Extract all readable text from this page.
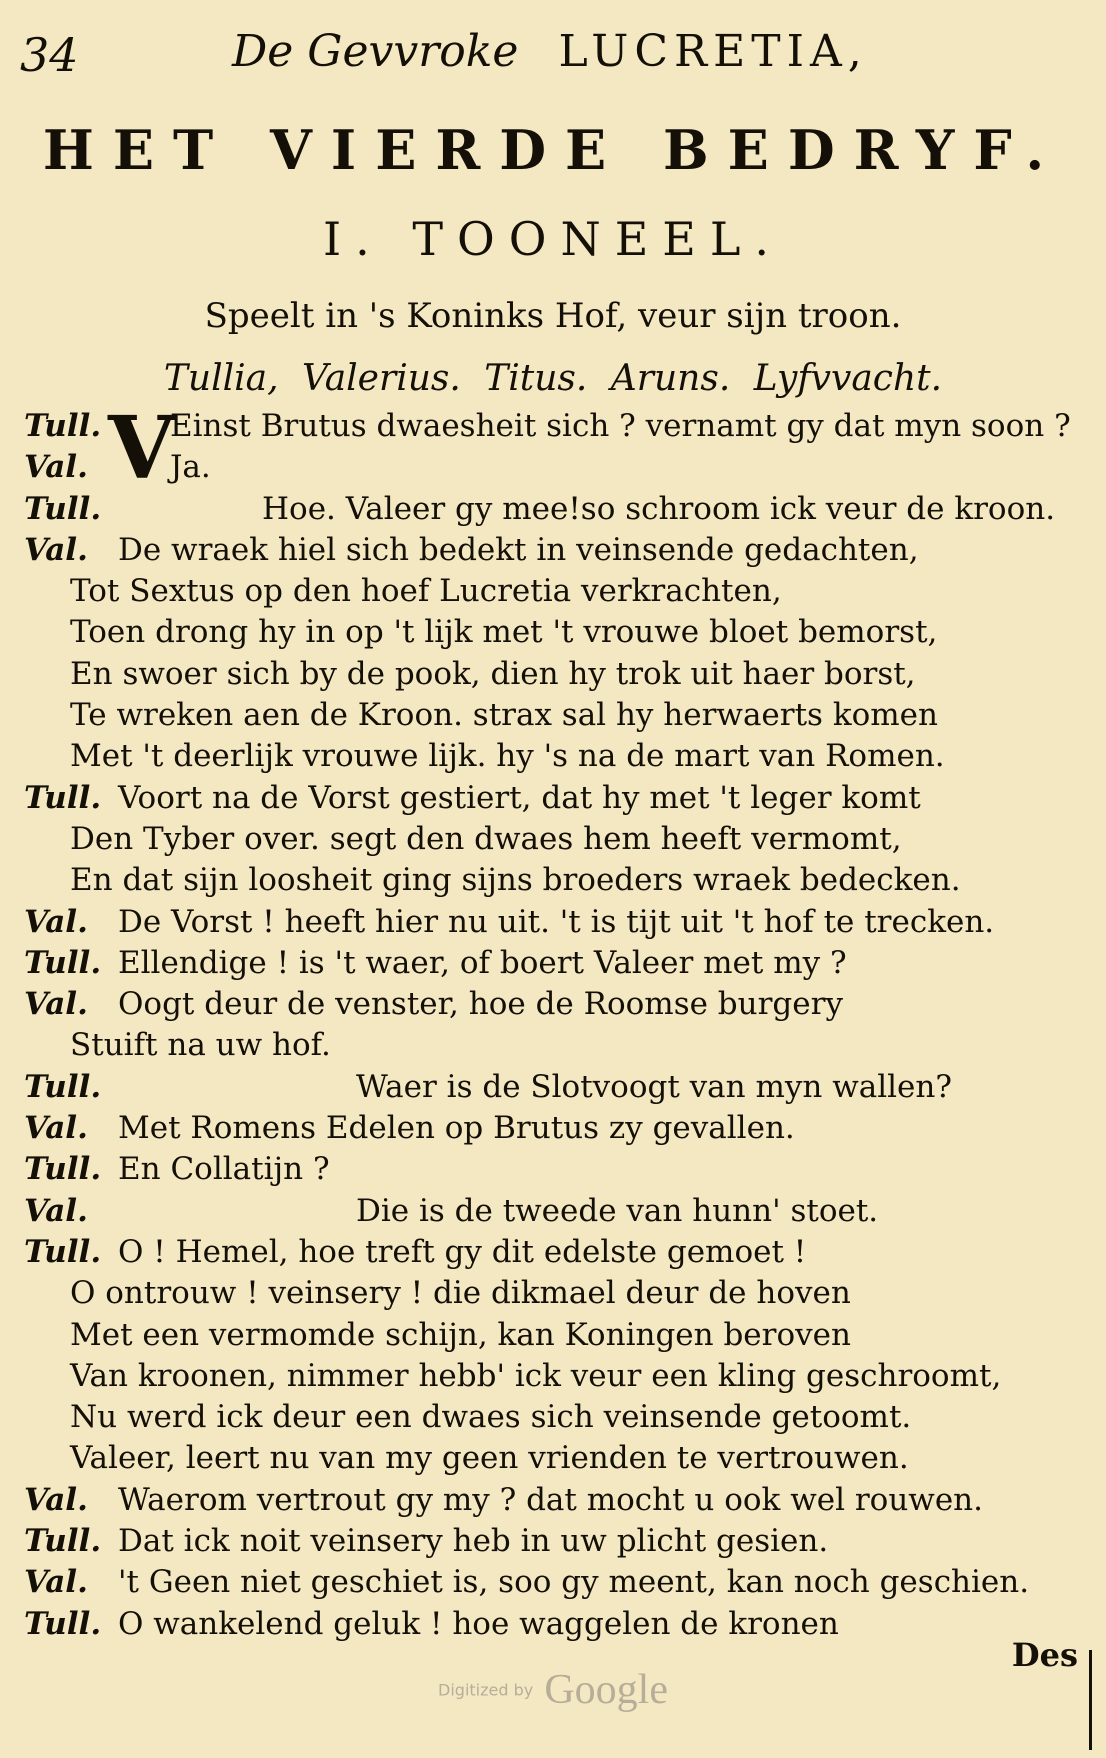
34	De Gevvroke LUCRETIA,
HET VIERDE BEDRYF.
I. TOONEEL.
Speelt in 's Koninks Hof, veur sijn troon.
Tullia, Valerius. Titus. Aruns. Lyfvvacht.
V
Tull. Einst Brutus dwaesheit sich ? vernamt gy dat myn soon ?
Val.	Ja.
Tull.	Hoe. Valeer gy mee!so schroom ick veur de kroon.
Val. De wraek hiel sich bedekt in veinsende gedachten,
Tot Sextus op den hoef Lucretia verkrachten,
Toen drong hy in op 't lijk met 't vrouwe bloet bemorst,
En swoer sich by de pook, dien hy trok uit haer borst,
Te wreken aen de Kroon. strax sal hy herwaerts komen
Met 't deerlijk vrouwe lijk. hy 's na de mart van Romen.
Tull. Voort na de Vorst gestiert, dat hy met 't leger komt
Den Tyber over. segt den dwaes hem heeft vermomt,
En dat sijn loosheit ging sijns broeders wraek bedecken.
Val. De Vorst ! heeft hier nu uit. 't is tijt uit 't hof te trecken.
Tull. Ellendige ! is 't waer, of boert Valeer met my ?
Val. Oogt deur de venster, hoe de Roomse burgery
Stuift na uw hof.
Tull.	Waer is de Slotvoogt van myn wallen?
Val. Met Romens Edelen op Brutus zy gevallen.
Tull. En Collatijn ?
Val.	Die is de tweede van hunn' stoet.
Tull. O ! Hemel, hoe treft gy dit edelste gemoet !
O ontrouw ! veinsery ! die dikmael deur de hoven
Met een vermomde schijn, kan Koningen beroven
Van kroonen, nimmer hebb' ick veur een kling geschroomt,
Nu werd ick deur een dwaes sich veinsende getoomt.
Valeer, leert nu van my geen vrienden te vertrouwen.
Val. Waerom vertrout gy my ? dat mocht u ook wel rouwen.
Tull. Dat ick noit veinsery heb in uw plicht gesien.
Val. 't Geen niet geschiet is, soo gy meent, kan noch geschien.
Tull. O wankelend geluk ! hoe waggelen de kronen
Des
Digitized by Google
